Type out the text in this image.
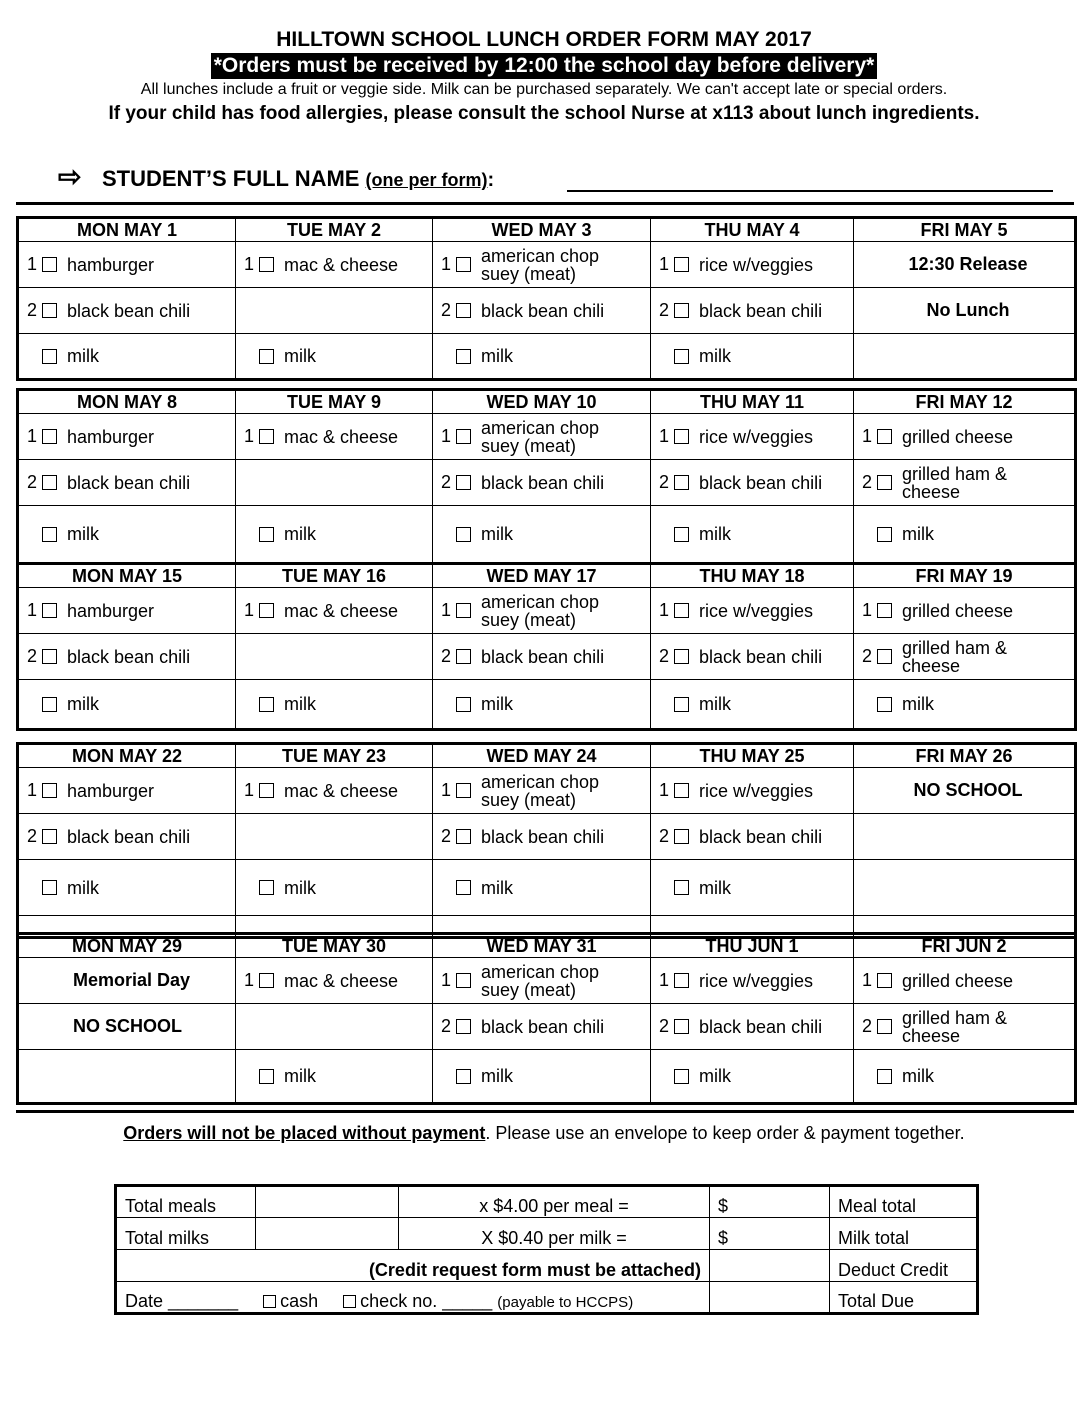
HILLTOWN SCHOOL LUNCH ORDER FORM MAY 2017
*Orders must be received by 12:00 the school day before delivery*
All lunches include a fruit or veggie side. Milk can be purchased separately. We can't accept late or special orders.
If your child has food allergies, please consult the school Nurse at x113 about lunch ingredients.
⇨ STUDENT’S FULL NAME (one per form) :
MON MAY 1	TUE MAY 2	WED MAY 3	THU MAY 4	FRI MAY 5

1 hamburger	1 mac & cheese	1 american chop suey (meat)	1 rice w/veggies	12:30 Release

2 black bean chili		2 black bean chili	2 black bean chili	No Lunch

milk	milk	milk	milk	

MON MAY 8	TUE MAY 9	WED MAY 10	THU MAY 11	FRI MAY 12

1 hamburger	1 mac & cheese	1 american chop suey (meat)	1 rice w/veggies	1 grilled cheese

2 black bean chili		2 black bean chili	2 black bean chili	2 grilled ham & cheese

milk	milk	milk	milk	milk
MON MAY 15	TUE MAY 16	WED MAY 17	THU MAY 18	FRI MAY 19

1 hamburger	1 mac & cheese	1 american chop suey (meat)	1 rice w/veggies	1 grilled cheese

2 black bean chili		2 black bean chili	2 black bean chili	2 grilled ham & cheese

milk	milk	milk	milk	milk
MON MAY 22	TUE MAY 23	WED MAY 24	THU MAY 25	FRI MAY 26

1 hamburger	1 mac & cheese	1 american chop suey (meat)	1 rice w/veggies	NO SCHOOL

2 black bean chili		2 black bean chili	2 black bean chili	

milk	milk	milk	milk	

MON MAY 29	TUE MAY 30	WED MAY 31	THU JUN 1	FRI JUN 2

Memorial Day	1 mac & cheese	1 american chop suey (meat)	1 rice w/veggies	1 grilled cheese

NO SCHOOL		2 black bean chili	2 black bean chili	2 grilled ham & cheese

	milk	milk	milk	milk
Orders will not be placed without payment. Please use an envelope to keep order & payment together.
Total meals		x $4.00 per meal =	$	Meal total
Total milks		X $0.40 per milk =	$	Milk total
(Credit request form must be attached)				Deduct Credit
Date _______ cash check no. _____ (payable to HCCPS)				Total Due
